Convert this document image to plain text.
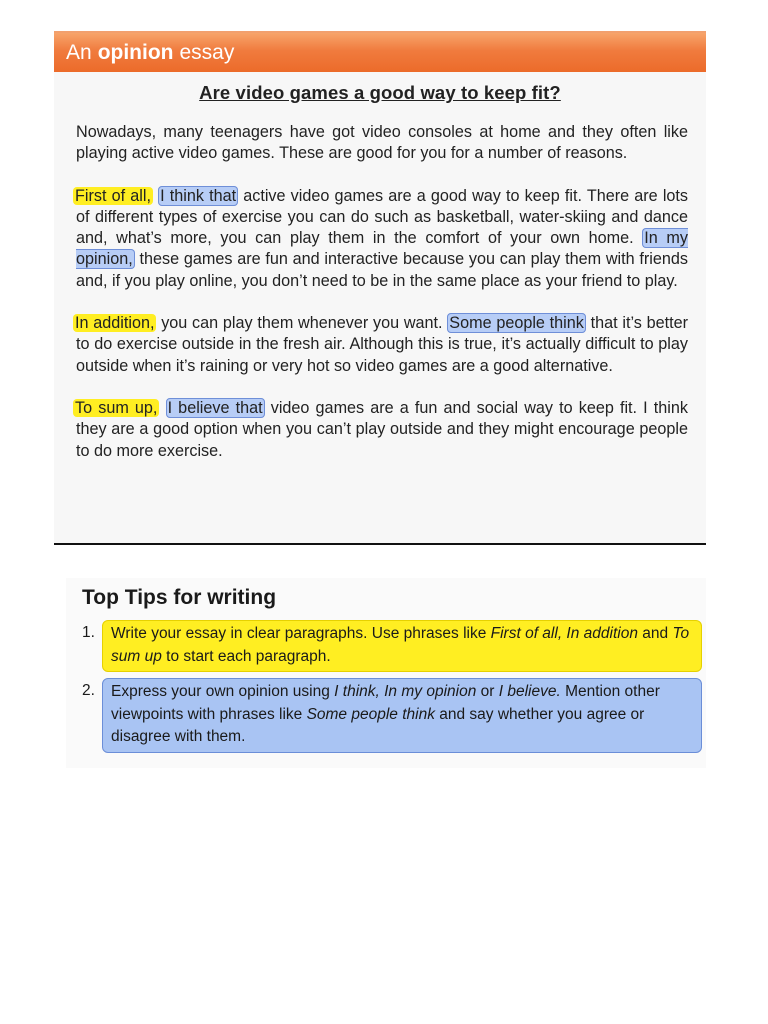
An opinion essay
Are video games a good way to keep fit?

Nowadays, many teenagers have got video consoles at home and they often like playing active video games. These are good for you for a number of reasons.

First of all, I think that active video games are a good way to keep fit. There are lots of different types of exercise you can do such as basketball, water-skiing and dance and, what’s more, you can play them in the comfort of your own home. In my opinion, these games are fun and interactive because you can play them with friends and, if you play online, you don’t need to be in the same place as your friend to play.

In addition, you can play them whenever you want. Some people think that it’s better to do exercise outside in the fresh air. Although this is true, it’s actually difficult to play outside when it’s raining or very hot so video games are a good alternative.

To sum up, I believe that video games are a fun and social way to keep fit. I think they are a good option when you can’t play outside and they might encourage people to do more exercise.

Top Tips for writing
1.	Write your essay in clear paragraphs. Use phrases like First of all, In addition and To sum up to start each paragraph.
2.	Express your own opinion using I think, In my opinion or I believe. Mention other viewpoints with phrases like Some people think and say whether you agree or disagree with them.
